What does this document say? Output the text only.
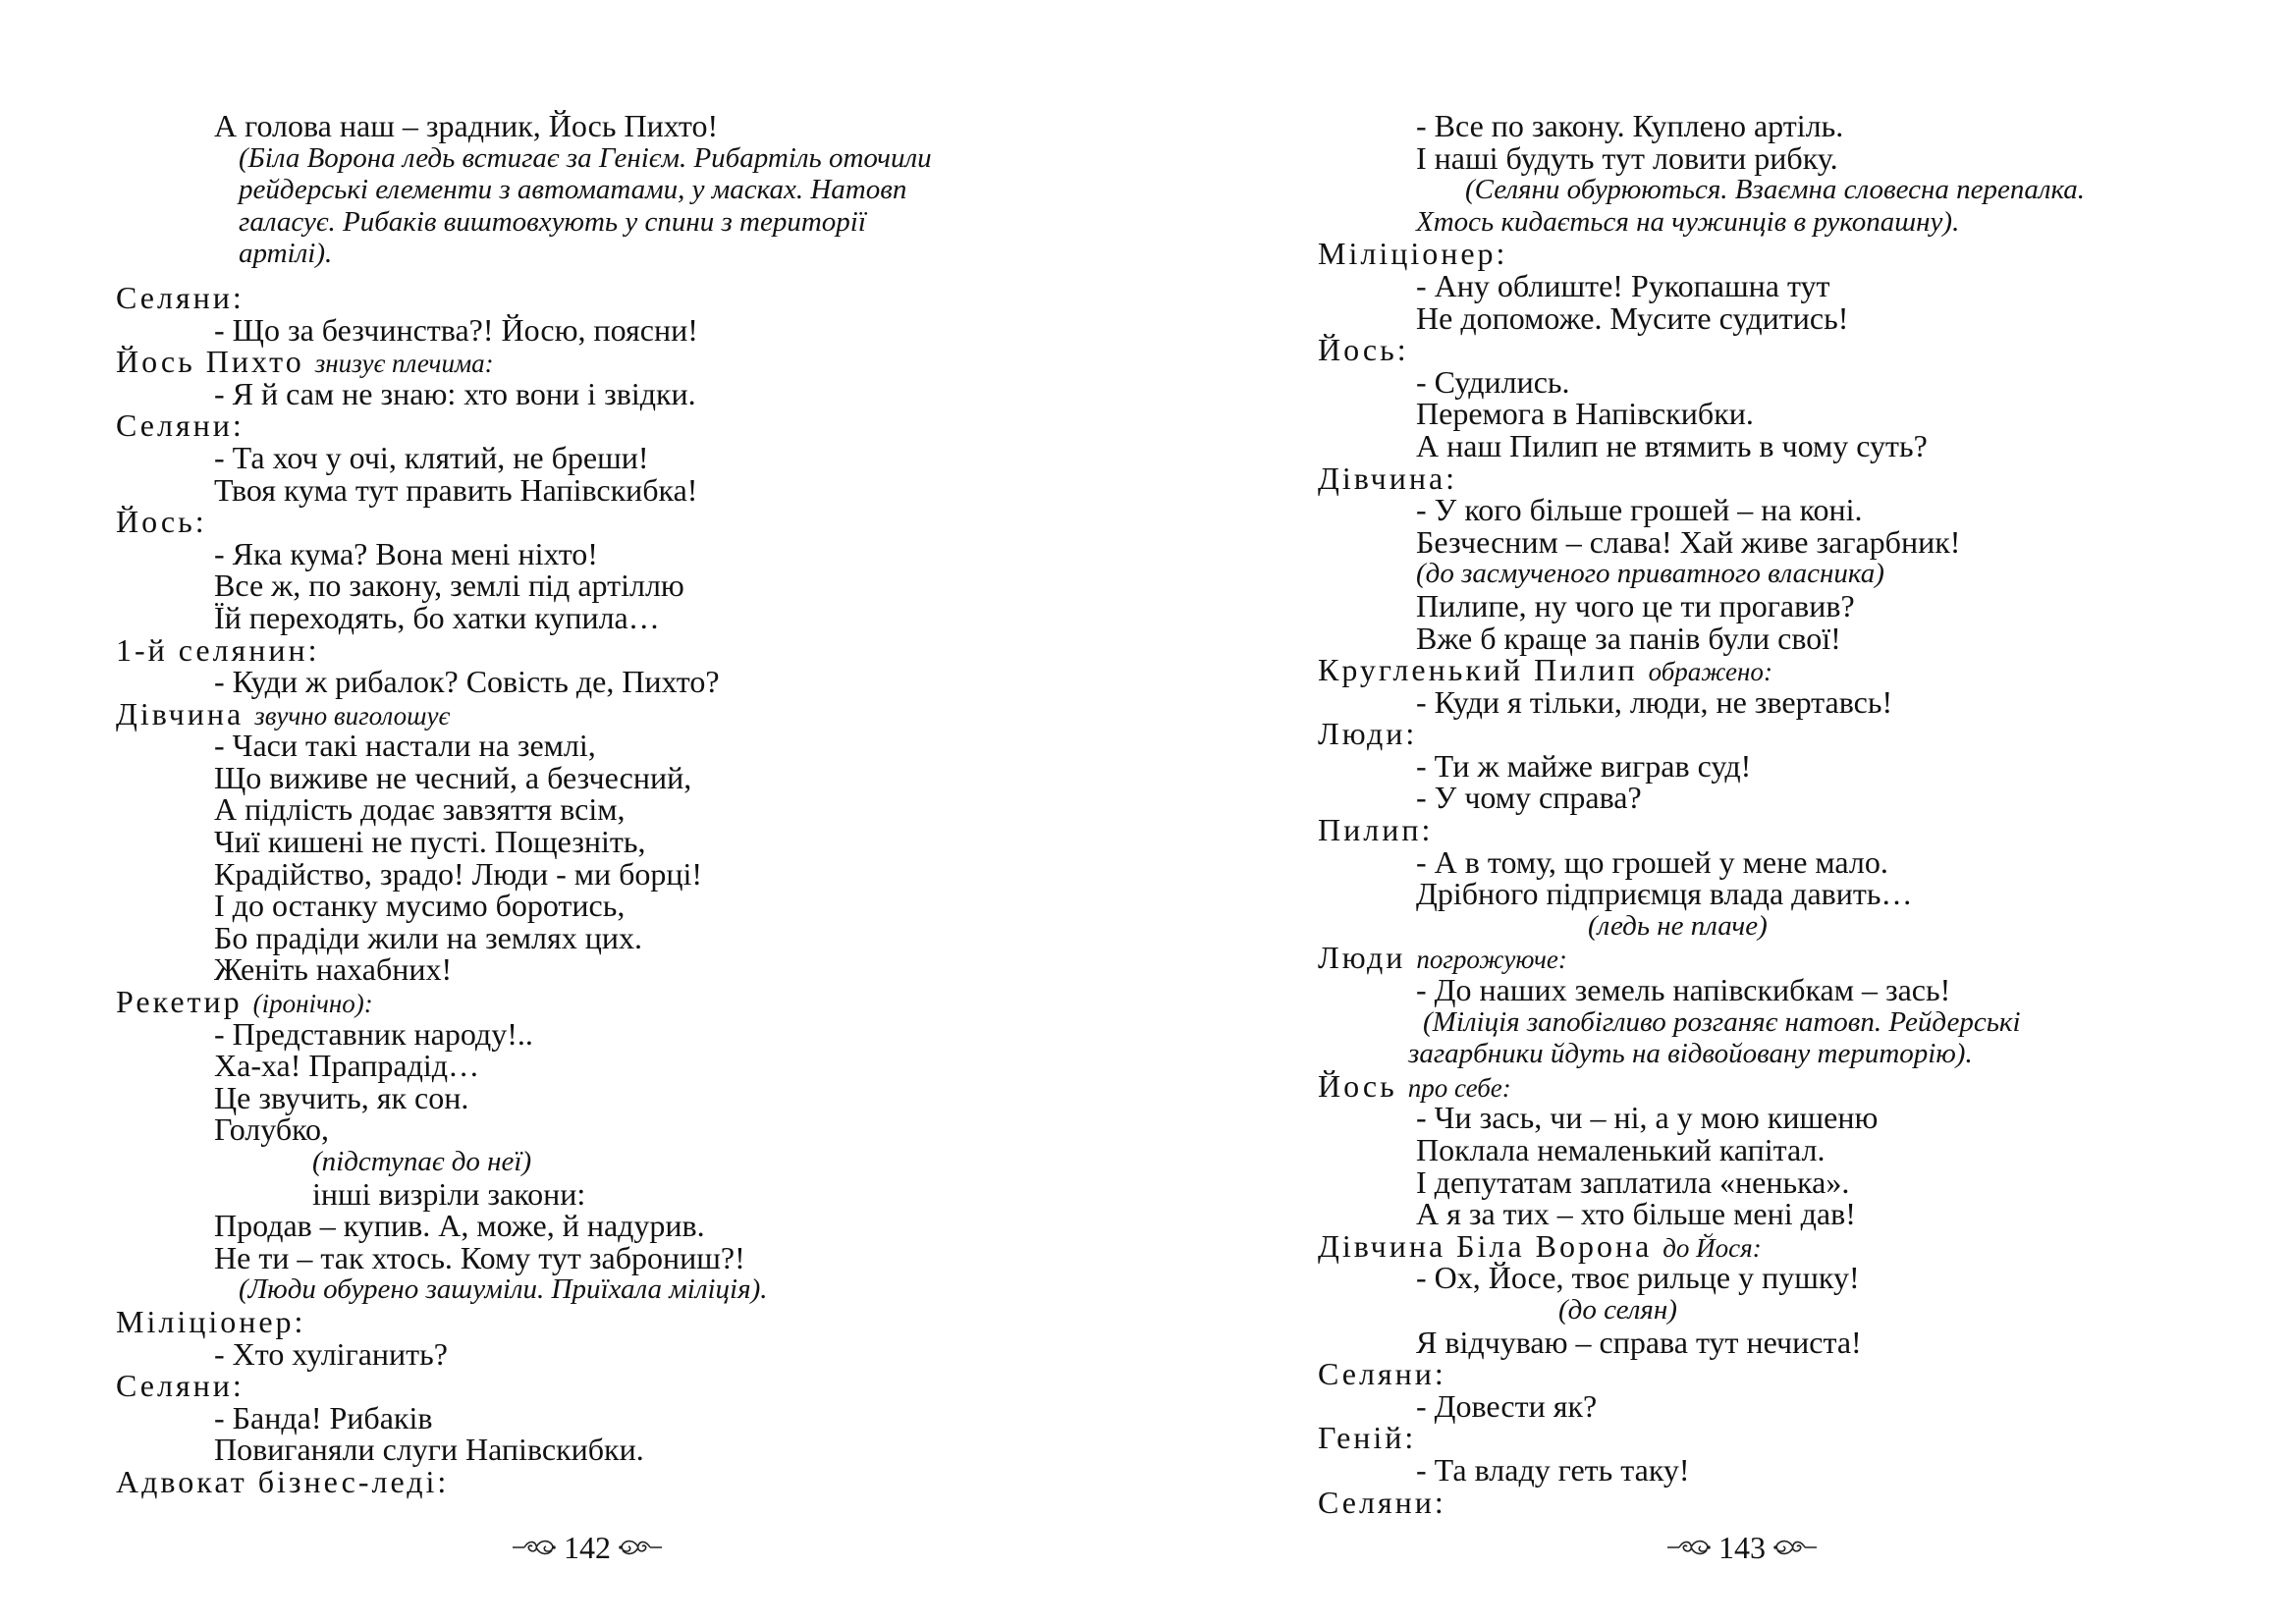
А голова наш – зрадник, Йось Пихто!
(Біла Ворона ледь встигає за Генієм. Рибартіль оточили
рейдерські елементи з автоматами, у масках. Натовп
галасує. Рибаків виштовхують у спини з території
артілі).
Селяни:
- Що за безчинства?! Йосю, поясни!
Йось Пихто знизує плечима:
- Я й сам не знаю: хто вони і звідки.
Селяни:
- Та хоч у очі, клятий, не бреши!
Твоя кума тут править Напівскибка!
Йось:
- Яка кума? Вона мені ніхто!
Все ж, по закону, землі під артіллю
Їй переходять, бо хатки купила…
1-й селянин:
- Куди ж рибалок? Совість де, Пихто?
Дівчина звучно виголошує
- Часи такі настали на землі,
Що виживе не чесний, а безчесний,
А підлість додає завзяття всім,
Чиї кишені не пусті. Пощезніть,
Крадійство, зрадо! Люди - ми борці!
І до останку мусимо боротись,
Бо прадіди жили на землях цих.
Женіть нахабних!
Рекетир (іронічно):
- Представник народу!..
Ха-ха! Прапрадід…
Це звучить, як сон.
Голубко,
(підступає до неї)
інші визріли закони:
Продав – купив. А, може, й надурив.
Не ти – так хтось. Кому тут заброниш?!
(Люди обурено зашуміли. Приїхала міліція).
Міліціонер:
- Хто хуліганить?
Селяни:
- Банда! Рибаків
Повиганяли слуги Напівскибки.
Адвокат бізнес-леді:
142
- Все по закону. Куплено артіль.
І наші будуть тут ловити рибку.
(Селяни обурюються. Взаємна словесна перепалка.
Хтось кидається на чужинців в рукопашну).
Міліціонер:
- Ану облиште! Рукопашна тут
Не допоможе. Мусите судитись!
Йось:
- Судились.
Перемога в Напівскибки.
А наш Пилип не втямить в чому суть?
Дівчина:
- У кого більше грошей – на коні.
Безчесним – слава! Хай живе загарбник!
(до засмученого приватного власника)
Пилипе, ну чого це ти прогавив?
Вже б краще за панів були свої!
Кругленький Пилип ображено:
- Куди я тільки, люди, не звертавсь!
Люди:
- Ти ж майже виграв суд!
- У чому справа?
Пилип:
- А в тому, що грошей у мене мало.
Дрібного підприємця влада давить…
(ледь не плаче)
Люди погрожуюче:
- До наших земель напівскибкам – зась!
(Міліція запобігливо розганяє натовп. Рейдерські
загарбники йдуть на відвойовану територію).
Йось про себе:
- Чи зась, чи – ні, а у мою кишеню
Поклала немаленький капітал.
І депутатам заплатила «ненька».
А я за тих – хто більше мені дав!
Дівчина Біла Ворона до Йося:
- Ох, Йосе, твоє рильце у пушку!
(до селян)
Я відчуваю – справа тут нечиста!
Селяни:
- Довести як?
Геній:
- Та владу геть таку!
Селяни:
143
